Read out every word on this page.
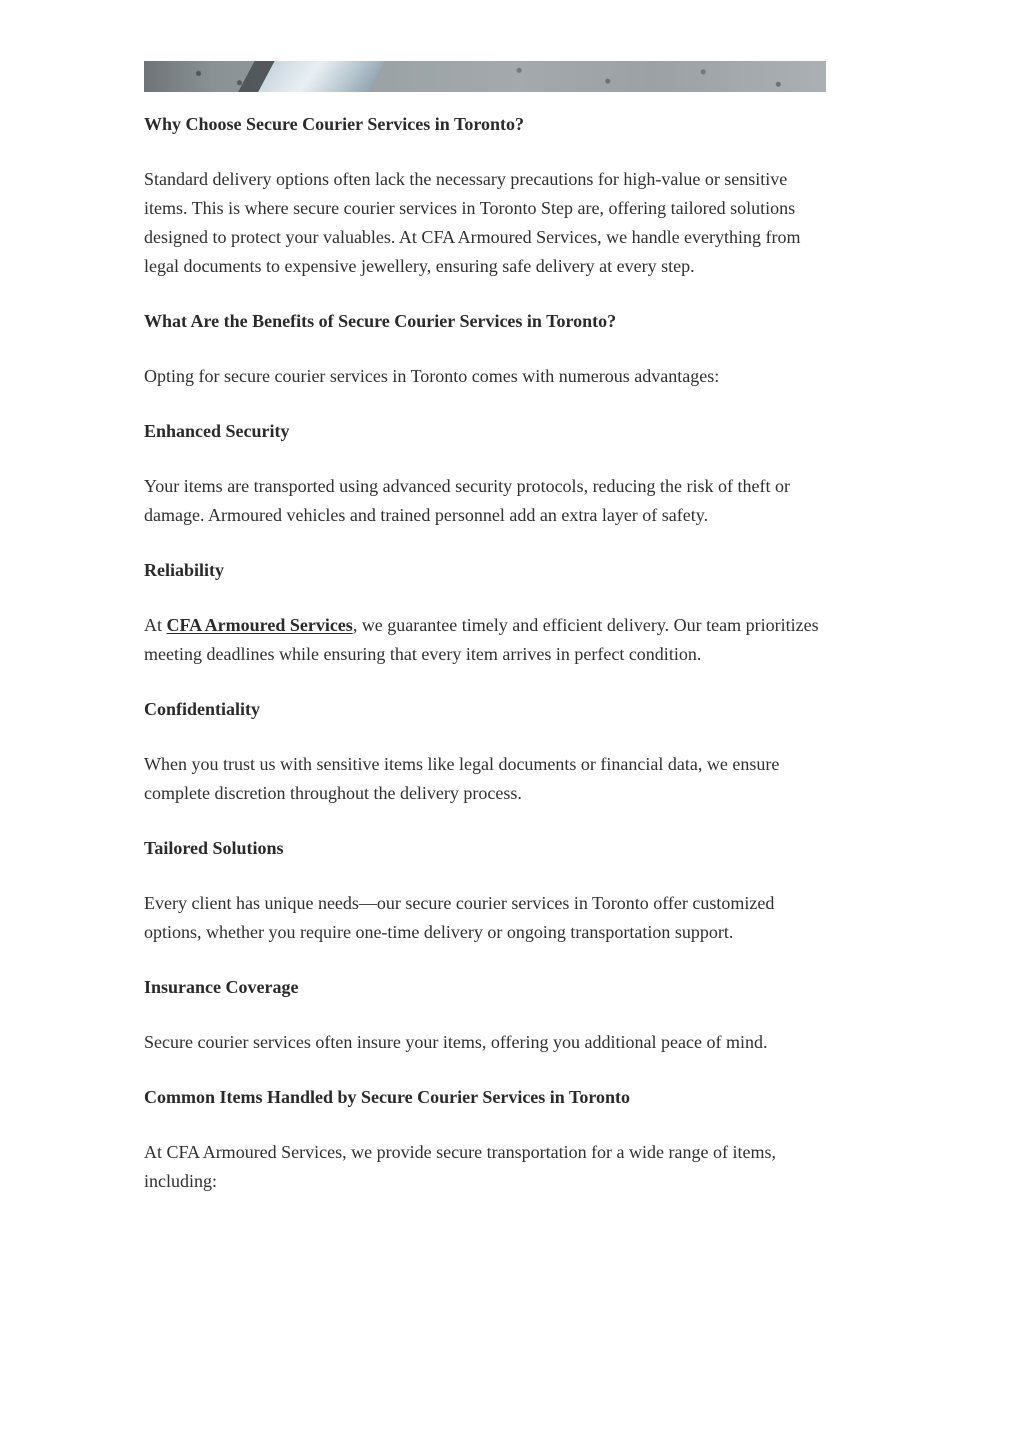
Why Choose Secure Courier Services in Toronto?

Standard delivery options often lack the necessary precautions for high-value or sensitive items. This is where secure courier services in Toronto Step are, offering tailored solutions designed to protect your valuables. At CFA Armoured Services, we handle everything from legal documents to expensive jewellery, ensuring safe delivery at every step.

What Are the Benefits of Secure Courier Services in Toronto?

Opting for secure courier services in Toronto comes with numerous advantages:

Enhanced Security

Your items are transported using advanced security protocols, reducing the risk of theft or damage. Armoured vehicles and trained personnel add an extra layer of safety.

Reliability

At CFA Armoured Services, we guarantee timely and efficient delivery. Our team prioritizes meeting deadlines while ensuring that every item arrives in perfect condition.

Confidentiality

When you trust us with sensitive items like legal documents or financial data, we ensure complete discretion throughout the delivery process.

Tailored Solutions

Every client has unique needs—our secure courier services in Toronto offer customized options, whether you require one-time delivery or ongoing transportation support.

Insurance Coverage

Secure courier services often insure your items, offering you additional peace of mind.

Common Items Handled by Secure Courier Services in Toronto

At CFA Armoured Services, we provide secure transportation for a wide range of items, including:
